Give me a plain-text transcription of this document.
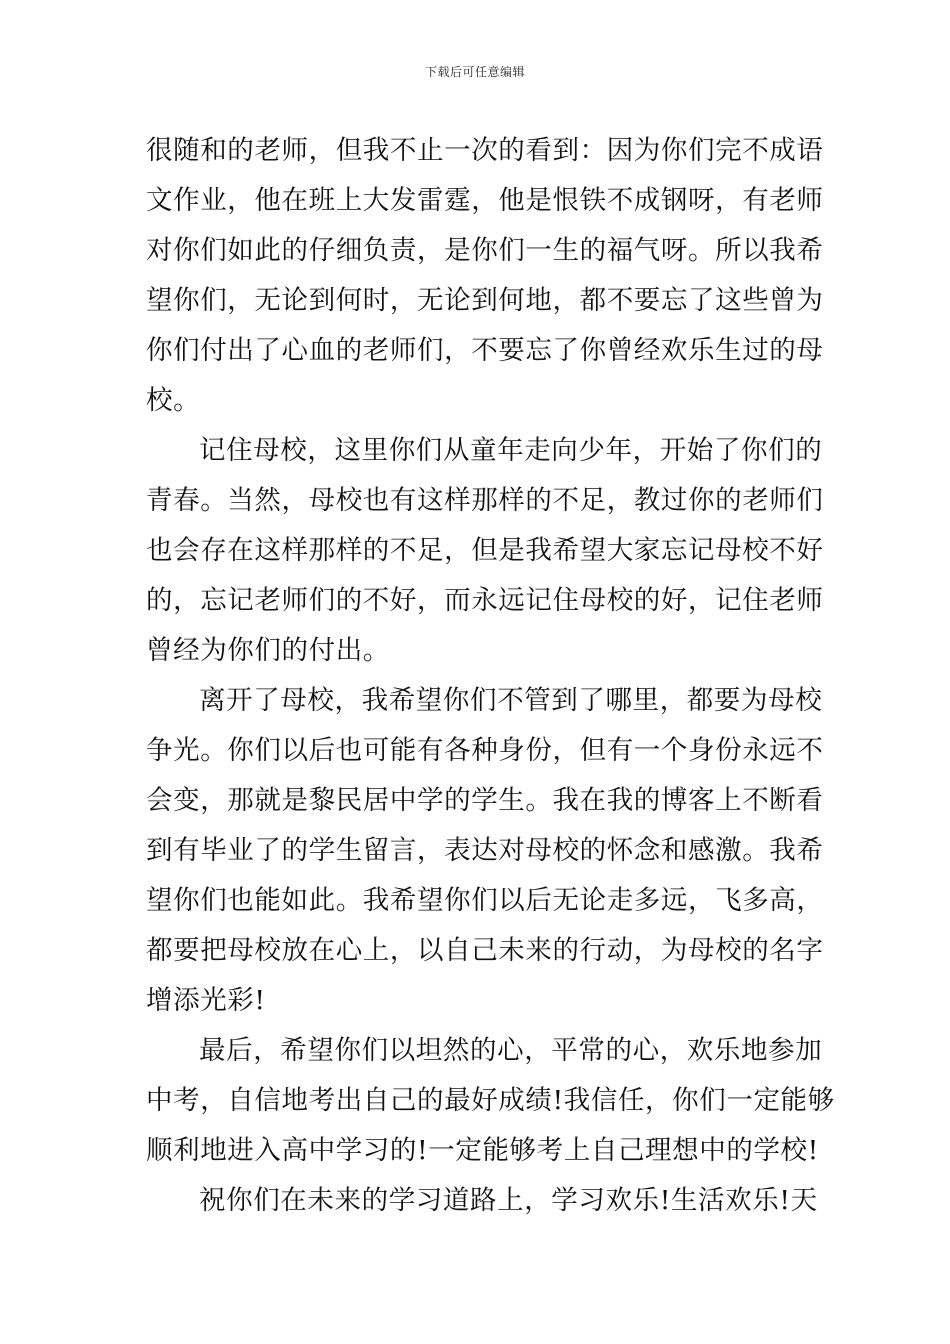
下载后可任意编辑
很随和的老师，但我不止一次的看到：因为你们完不成语
文作业，他在班上大发雷霆，他是恨铁不成钢呀，有老师
对你们如此的仔细负责，是你们一生的福气呀。所以我希
望你们，无论到何时，无论到何地，都不要忘了这些曾为
你们付出了心血的老师们，不要忘了你曾经欢乐生过的母
校。
记住母校，这里你们从童年走向少年，开始了你们的
青春。当然，母校也有这样那样的不足，教过你的老师们
也会存在这样那样的不足，但是我希望大家忘记母校不好
的，忘记老师们的不好，而永远记住母校的好，记住老师
曾经为你们的付出。
离开了母校，我希望你们不管到了哪里，都要为母校
争光。你们以后也可能有各种身份，但有一个身份永远不
会变，那就是黎民居中学的学生。我在我的博客上不断看
到有毕业了的学生留言，表达对母校的怀念和感激。我希
望你们也能如此。我希望你们以后无论走多远，飞多高，
都要把母校放在心上，以自己未来的行动，为母校的名字
增添光彩!
最后，希望你们以坦然的心，平常的心，欢乐地参加
中考，自信地考出自己的最好成绩!我信任，你们一定能够
顺利地进入高中学习的!一定能够考上自己理想中的学校!
祝你们在未来的学习道路上，学习欢乐!生活欢乐!天
